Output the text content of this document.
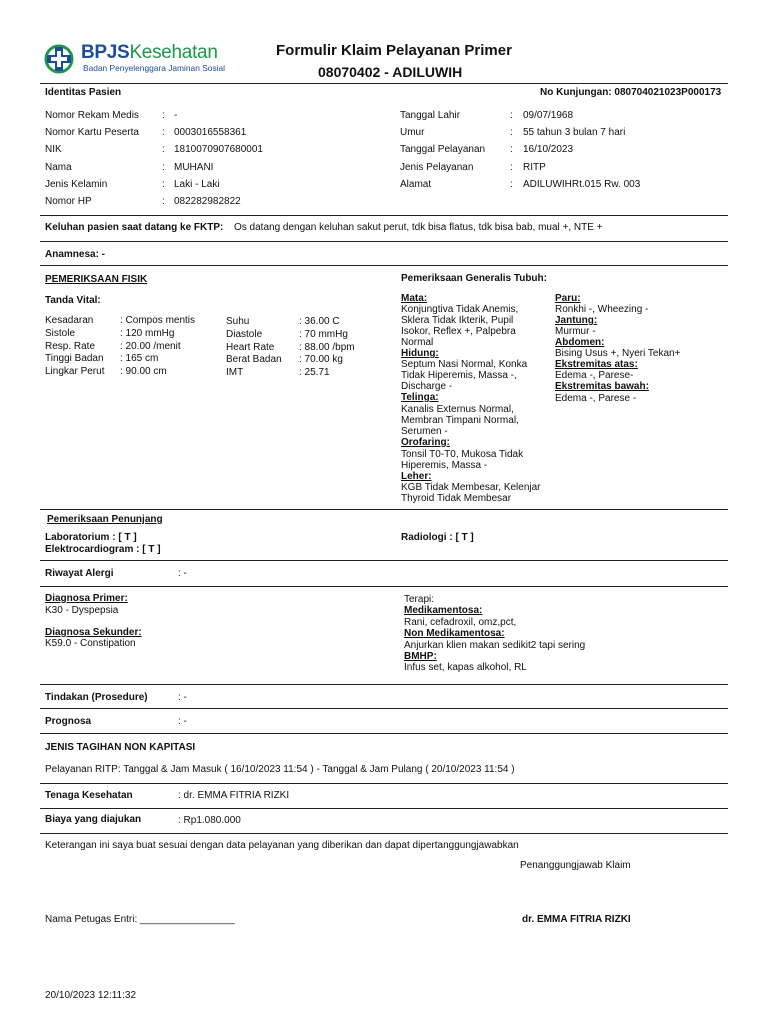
BPJSKesehatan
Badan Penyelenggara Jaminan Sosial
Formulir Klaim Pelayanan Primer
08070402 - ADILUWIH
Identitas Pasien	No Kunjungan: 080704021023P000173
Nomor Rekam Medis : -
Nomor Kartu Peserta : 0003016558361
NIK	: 1810070907680001
Nama	: MUHANI
Jenis Kelamin	: Laki - Laki
Nomor HP	: 082282982822
Tanggal Lahir	: 09/07/1968
Umur	: 55 tahun 3 bulan 7 hari
Tanggal Pelayanan : 16/10/2023
Jenis Pelayanan	: RITP
Alamat	: ADILUWIHRt.015 Rw. 003
Keluhan pasien saat datang ke FKTP: Os datang dengan keluhan sakut perut, tdk bisa flatus, tdk bisa bab, mual +, NTE +
Anamnesa: -
PEMERIKSAAN FISIK
Tanda Vital:
Kesadaran	: Compos mentis
Sistole	: 120 mmHg
Resp. Rate : 20.00 /menit
Tinggi Badan : 165 cm
Lingkar Perut : 90.00 cm
Suhu	: 36.00 C
Diastole	: 70 mmHg
Heart Rate : 88.00 /bpm
Berat Badan : 70.00 kg
IMT	: 25.71
Pemeriksaan Generalis Tubuh:
Mata:
Konjungtiva Tidak Anemis,
Sklera Tidak Ikterik, Pupil
Isokor, Reflex +, Palpebra
Normal
Hidung:
Septum Nasi Normal, Konka
Tidak Hiperemis, Massa -,
Discharge -
Telinga:
Kanalis Externus Normal,
Membran Timpani Normal,
Serumen -
Orofaring:
Tonsil T0-T0, Mukosa Tidak
Hiperemis, Massa -
Leher:
KGB Tidak Membesar, Kelenjar
Thyroid Tidak Membesar
Paru:
Ronkhi -, Wheezing -
Jantung:
Murmur -
Abdomen:
Bising Usus +, Nyeri Tekan+
Ekstremitas atas:
Edema -, Parese-
Ekstremitas bawah:
Edema -, Parese -
Pemeriksaan Penunjang
Laboratorium : [ T ]
Elektrocardiogram : [ T ]
Radiologi : [ T ]
Riwayat Alergi	: -
Diagnosa Primer:
K30 - Dyspepsia
Diagnosa Sekunder:
K59.0 - Constipation
Terapi:
Medikamentosa:
Rani, cefadroxil, omz,pct,
Non Medikamentosa:
Anjurkan klien makan sedikit2 tapi sering
BMHP:
Infus set, kapas alkohol, RL
Tindakan (Prosedure)	: -
Prognosa	: -
JENIS TAGIHAN NON KAPITASI
Pelayanan RITP: Tanggal & Jam Masuk ( 16/10/2023 11:54 ) - Tanggal & Jam Pulang ( 20/10/2023 11:54 )
Tenaga Kesehatan	: dr. EMMA FITRIA RIZKI
Biaya yang diajukan	: Rp1.080.000
Keterangan ini saya buat sesuai dengan data pelayanan yang diberikan dan dapat dipertanggungjawabkan
Penanggungjawab Klaim
Nama Petugas Entri: _________________	dr. EMMA FITRIA RIZKI
20/10/2023 12:11:32
